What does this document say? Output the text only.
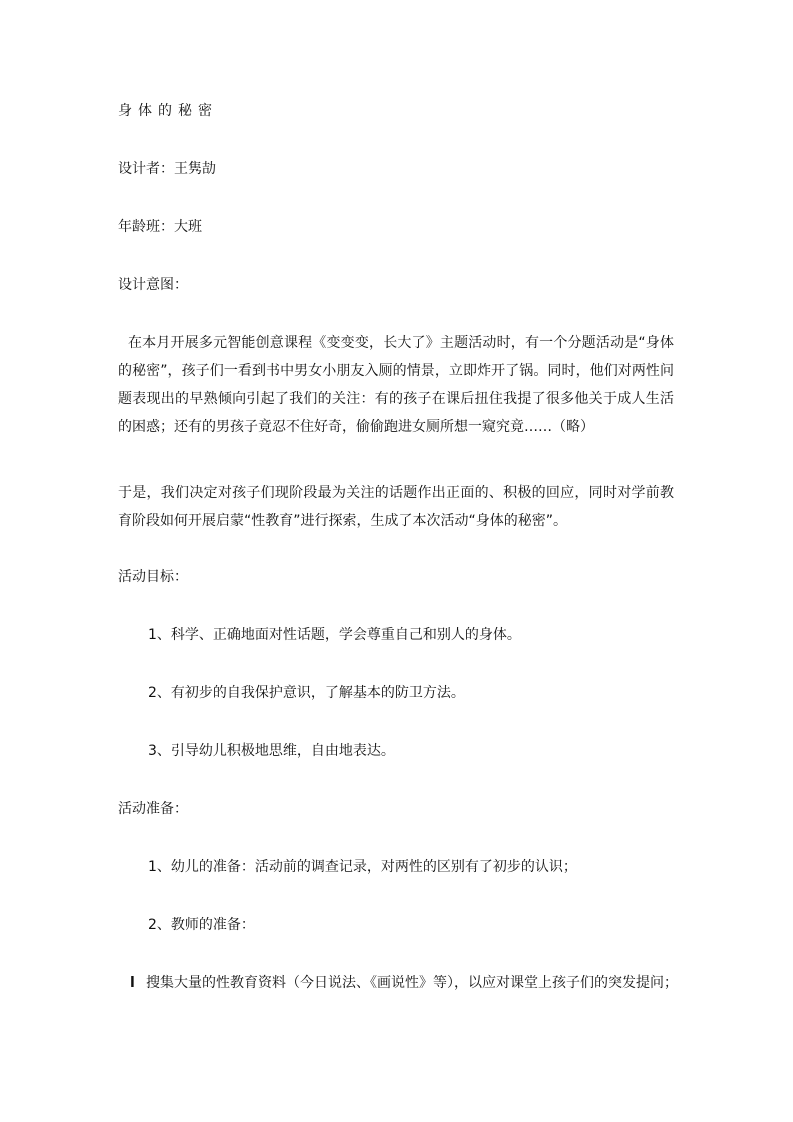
身体的秘密
设计者：王隽劼
年龄班：大班
设计意图：
在本月开展多元智能创意课程《变变变，长大了》主题活动时，有一个分题活动是“身体的秘密”，孩子们一看到书中男女小朋友入厕的情景，立即炸开了锅。同时，他们对两性问题表现出的早熟倾向引起了我们的关注：有的孩子在课后扭住我提了很多他关于成人生活的困惑；还有的男孩子竟忍不住好奇，偷偷跑进女厕所想一窥究竟……（略）
于是，我们决定对孩子们现阶段最为关注的话题作出正面的、积极的回应，同时对学前教育阶段如何开展启蒙“性教育”进行探索，生成了本次活动“身体的秘密”。
活动目标：
1、科学、正确地面对性话题，学会尊重自己和别人的身体。
2、有初步的自我保护意识，了解基本的防卫方法。
3、引导幼儿积极地思维，自由地表达。
活动准备：
1、幼儿的准备：活动前的调查记录，对两性的区别有了初步的认识；
2、教师的准备：
l 搜集大量的性教育资料（今日说法、《画说性》等），以应对课堂上孩子们的突发提问；
